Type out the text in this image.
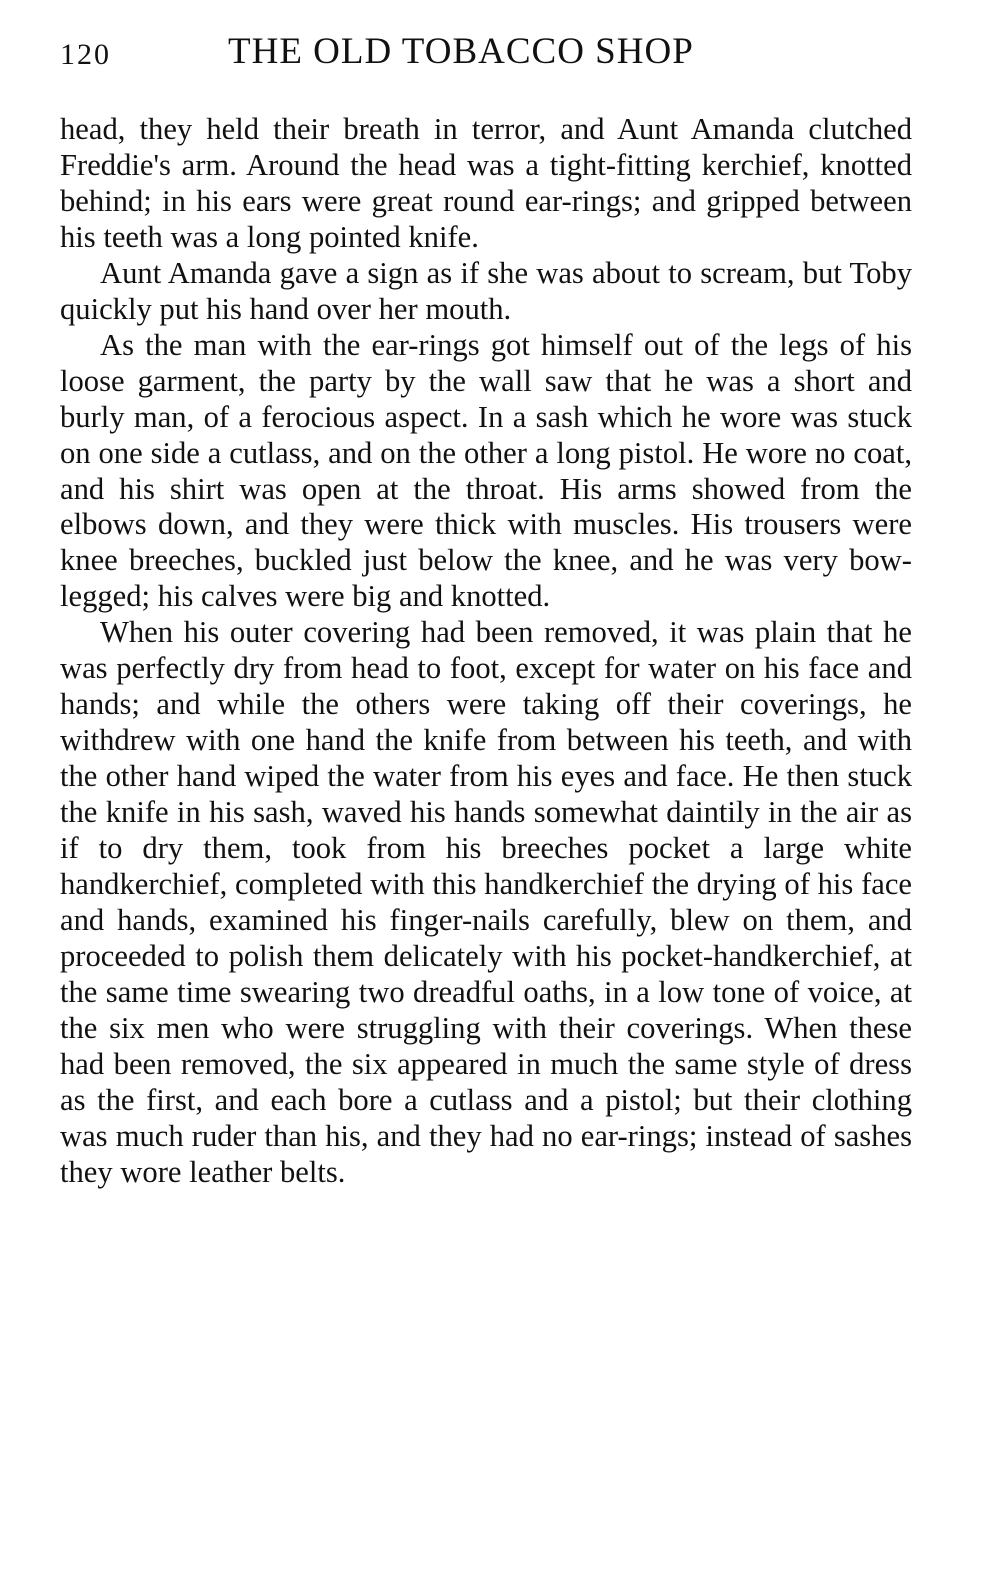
120	THE OLD TOBACCO SHOP

head, they held their breath in terror, and Aunt Amanda clutched Freddie's arm. Around the head was a tight-fitting kerchief, knotted behind; in his ears were great round ear-rings; and gripped between his teeth was a long pointed knife.

Aunt Amanda gave a sign as if she was about to scream, but Toby quickly put his hand over her mouth.

As the man with the ear-rings got himself out of the legs of his loose garment, the party by the wall saw that he was a short and burly man, of a ferocious aspect. In a sash which he wore was stuck on one side a cutlass, and on the other a long pistol. He wore no coat, and his shirt was open at the throat. His arms showed from the elbows down, and they were thick with muscles. His trousers were knee breeches, buckled just below the knee, and he was very bow-legged; his calves were big and knotted.

When his outer covering had been removed, it was plain that he was perfectly dry from head to foot, except for water on his face and hands; and while the others were taking off their coverings, he withdrew with one hand the knife from between his teeth, and with the other hand wiped the water from his eyes and face. He then stuck the knife in his sash, waved his hands somewhat daintily in the air as if to dry them, took from his breeches pocket a large white handkerchief, completed with this handkerchief the drying of his face and hands, examined his finger-nails carefully, blew on them, and proceeded to polish them delicately with his pocket-handkerchief, at the same time swearing two dreadful oaths, in a low tone of voice, at the six men who were struggling with their coverings. When these had been removed, the six appeared in much the same style of dress as the first, and each bore a cutlass and a pistol; but their clothing was much ruder than his, and they had no ear-rings; instead of sashes they wore leather belts.
